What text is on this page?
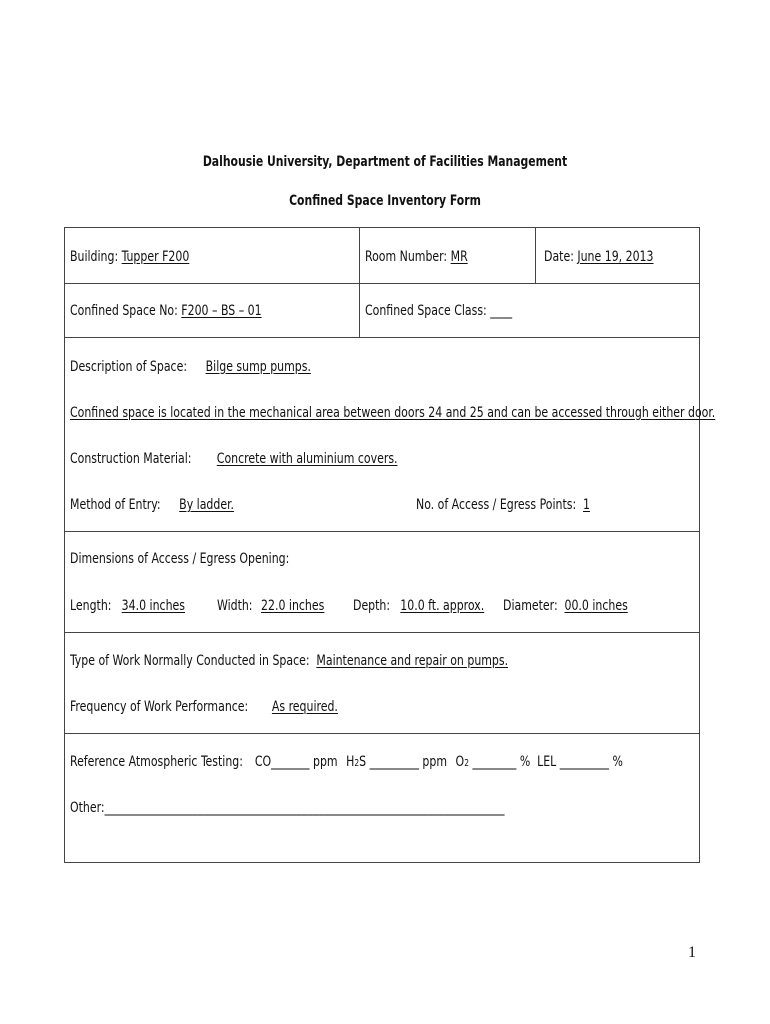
Dalhousie University, Department of Facilities Management
Confined Space Inventory Form
Building: Tupper F200	Room Number: MR	Date: June 19, 2013
Confined Space No: F200 – BS – 01	Confined Space Class: ____
Description of Space: Bilge sump pumps.
Confined space is located in the mechanical area between doors 24 and 25 and can be accessed through either door.
Construction Material: Concrete with aluminium covers.
Method of Entry: By ladder.	No. of Access / Egress Points: 1
Dimensions of Access / Egress Opening:
Length: 34.0 inches Width: 22.0 inches Depth: 10.0 ft. approx. Diameter: 00.0 inches
Type of Work Normally Conducted in Space: Maintenance and repair on pumps.
Frequency of Work Performance: As required.
Reference Atmospheric Testing: CO_______ ppm H2S _________ ppm O2 ________ % LEL _________ %
Other:_________________________________________________________________________
1
